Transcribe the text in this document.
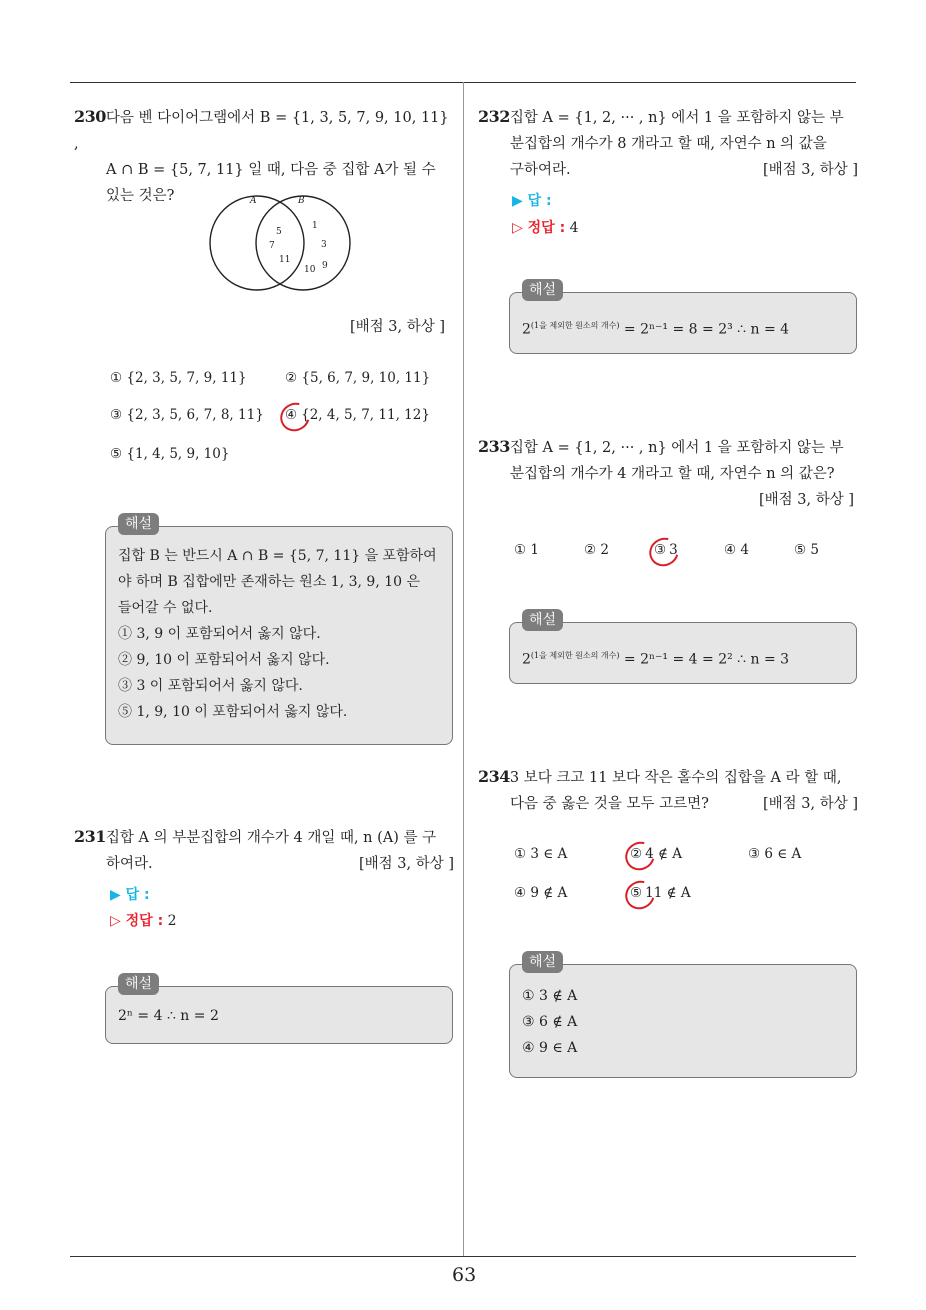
63
230다음 벤 다이어그램에서 B = {1, 3, 5, 7, 9, 10, 11} ,
A ∩ B = {5, 7, 11} 일 때, 다음 중 집합 A가 될 수
있는 것은?	A	B
5
7
11
1
3
10 9
[배점 3, 하상 ]
① {2, 3, 5, 7, 9, 11}	② {5, 6, 7, 9, 10, 11}
③ {2, 3, 5, 6, 7, 8, 11} ④ {2, 4, 5, 7, 11, 12}
⑤ {1, 4, 5, 9, 10}
해설
집합 B 는 반드시 A ∩ B = {5, 7, 11} 을 포함하여
야 하며 B 집합에만 존재하는 원소 1, 3, 9, 10 은
들어갈 수 없다.
① 3, 9 이 포함되어서 옳지 않다.
② 9, 10 이 포함되어서 옳지 않다.
③ 3 이 포함되어서 옳지 않다.
⑤ 1, 9, 10 이 포함되어서 옳지 않다.
231집합 A 의 부분집합의 개수가 4 개일 때, n (A) 를 구
하여라.	[배점 3, 하상 ]
▶ 답 :
▷ 정답 : 2
해설
2ⁿ = 4 ∴ n = 2
232집합 A = {1, 2, ··· , n} 에서 1 을 포함하지 않는 부
분집합의 개수가 8 개라고 할 때, 자연수 n 의 값을
구하여라.	[배점 3, 하상 ]
▶ 답 :
▷ 정답 : 4
해설
$2^{(1을 제외한 원소의 개수)} = 2^{n-1} = 8 = 2^3$ ∴ n = 4
233집합 A = {1, 2, ··· , n} 에서 1 을 포함하지 않는 부
분집합의 개수가 4 개라고 할 때, 자연수 n 의 값은?
[배점 3, 하상 ]
① 1	② 2	③ 3	④ 4	⑤ 5
해설
$2^{(1을 제외한 원소의 개수)} = 2^{n-1} = 4 = 2^2$ ∴ n = 3
2343 보다 크고 11 보다 작은 홀수의 집합을 A 라 할 때,
다음 중 옳은 것을 모두 고르면?	[배점 3, 하상 ]
① 3 ∈ A	② 4 ∉ A	③ 6 ∈ A
④ 9 ∉ A	⑤ 11 ∉ A
해설
① 3 ∉ A
③ 6 ∉ A
④ 9 ∈ A
